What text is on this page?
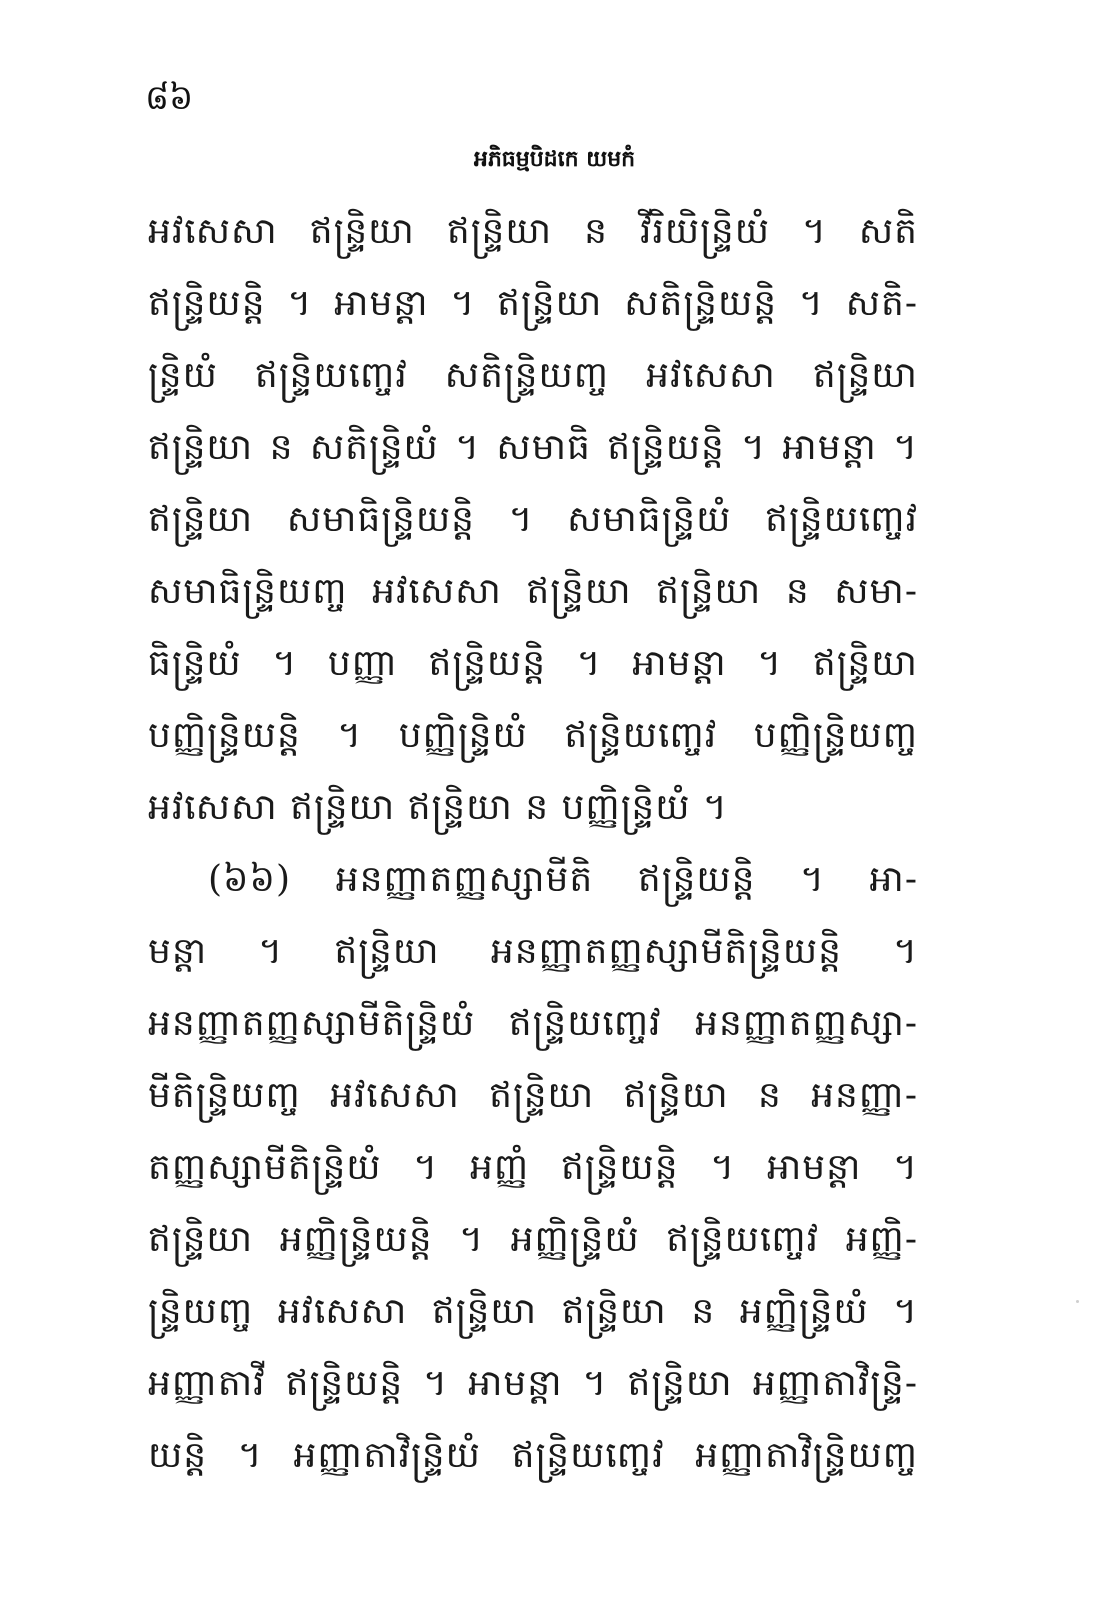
៨៦
អភិធម្មបិដកេ យមកំ
អវសេសា ឥន្ទ្រិយា ឥន្ទ្រិយា ន វីរិយិន្ទ្រិយំ ។ សតិ
ឥន្ទ្រិយន្តិ ។ អាមន្តា ។ ឥន្ទ្រិយា សតិន្ទ្រិយន្តិ ។ សតិ-
ន្ទ្រិយំ ឥន្ទ្រិយញ្ចេវ សតិន្ទ្រិយញ្ច អវសេសា ឥន្ទ្រិយា
ឥន្ទ្រិយា ន សតិន្ទ្រិយំ ។ សមាធិ ឥន្ទ្រិយន្តិ ។ អាមន្តា ។
ឥន្ទ្រិយា សមាធិន្ទ្រិយន្តិ ។ សមាធិន្ទ្រិយំ ឥន្ទ្រិយញ្ចេវ
សមាធិន្ទ្រិយញ្ច អវសេសា ឥន្ទ្រិយា ឥន្ទ្រិយា ន សមា-
ធិន្ទ្រិយំ ។ បញ្ញា ឥន្ទ្រិយន្តិ ។ អាមន្តា ។ ឥន្ទ្រិយា
បញ្ញិន្ទ្រិយន្តិ ។ បញ្ញិន្ទ្រិយំ ឥន្ទ្រិយញ្ចេវ បញ្ញិន្ទ្រិយញ្ច
អវសេសា ឥន្ទ្រិយា ឥន្ទ្រិយា ន បញ្ញិន្ទ្រិយំ ។
(៦៦) អនញ្ញាតញ្ញស្សាមីតិ ឥន្ទ្រិយន្តិ ។ អា-
មន្តា ។ ឥន្ទ្រិយា អនញ្ញាតញ្ញស្សាមីតិន្ទ្រិយន្តិ ។
អនញ្ញាតញ្ញស្សាមីតិន្ទ្រិយំ ឥន្ទ្រិយញ្ចេវ អនញ្ញាតញ្ញស្សា-
មីតិន្ទ្រិយញ្ច អវសេសា ឥន្ទ្រិយា ឥន្ទ្រិយា ន អនញ្ញា-
តញ្ញស្សាមីតិន្ទ្រិយំ ។ អញ្ញំ ឥន្ទ្រិយន្តិ ។ អាមន្តា ។
ឥន្ទ្រិយា អញ្ញិន្ទ្រិយន្តិ ។ អញ្ញិន្ទ្រិយំ ឥន្ទ្រិយញ្ចេវ អញ្ញិ-
ន្ទ្រិយញ្ច អវសេសា ឥន្ទ្រិយា ឥន្ទ្រិយា ន អញ្ញិន្ទ្រិយំ ។
អញ្ញាតាវី ឥន្ទ្រិយន្តិ ។ អាមន្តា ។ ឥន្ទ្រិយា អញ្ញាតាវិន្ទ្រិ-
យន្តិ ។ អញ្ញាតាវិន្ទ្រិយំ ឥន្ទ្រិយញ្ចេវ អញ្ញាតាវិន្ទ្រិយញ្ច
